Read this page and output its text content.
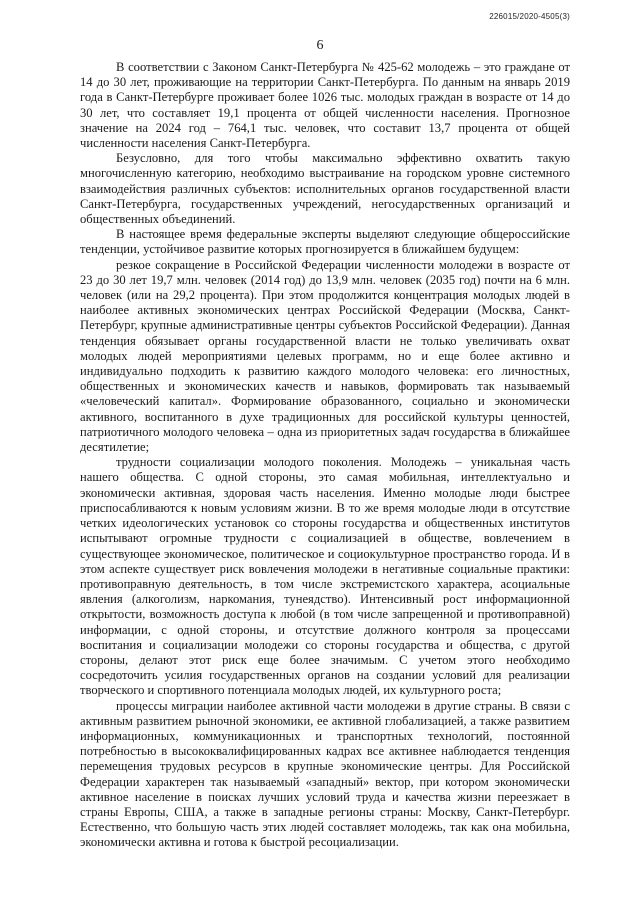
226015/2020-4505(3)
6

В соответствии с Законом Санкт-Петербурга № 425-62 молодежь – это граждане от 14 до 30 лет, проживающие на территории Санкт-Петербурга. По данным на январь 2019 года в Санкт-Петербурге проживает более 1026 тыс. молодых граждан в возрасте от 14 до 30 лет, что составляет 19,1 процента от общей численности населения. Прогнозное значение на 2024 год – 764,1 тыс. человек, что составит 13,7 процента от общей численности населения Санкт-Петербурга.

Безусловно, для того чтобы максимально эффективно охватить такую многочисленную категорию, необходимо выстраивание на городском уровне системного взаимодействия различных субъектов: исполнительных органов государственной власти Санкт-Петербурга, государственных учреждений, негосударственных организаций и общественных объединений.

В настоящее время федеральные эксперты выделяют следующие общероссийские тенденции, устойчивое развитие которых прогнозируется в ближайшем будущем:

резкое сокращение в Российской Федерации численности молодежи в возрасте от 23 до 30 лет 19,7 млн. человек (2014 год) до 13,9 млн. человек (2035 год) почти на 6 млн. человек (или на 29,2 процента). При этом продолжится концентрация молодых людей в наиболее активных экономических центрах Российской Федерации (Москва, Санкт-Петербург, крупные административные центры субъектов Российской Федерации). Данная тенденция обязывает органы государственной власти не только увеличивать охват молодых людей мероприятиями целевых программ, но и еще более активно и индивидуально подходить к развитию каждого молодого человека: его личностных, общественных и экономических качеств и навыков, формировать так называемый «человеческий капитал». Формирование образованного, социально и экономически активного, воспитанного в духе традиционных для российской культуры ценностей, патриотичного молодого человека – одна из приоритетных задач государства в ближайшее десятилетие;

трудности социализации молодого поколения. Молодежь – уникальная часть нашего общества. С одной стороны, это самая мобильная, интеллектуально и экономически активная, здоровая часть населения. Именно молодые люди быстрее приспосабливаются к новым условиям жизни. В то же время молодые люди в отсутствие четких идеологических установок со стороны государства и общественных институтов испытывают огромные трудности с социализацией в обществе, вовлечением в существующее экономическое, политическое и социокультурное пространство города. И в этом аспекте существует риск вовлечения молодежи в негативные социальные практики: противоправную деятельность, в том числе экстремистского характера, асоциальные явления (алкоголизм, наркомания, тунеядство). Интенсивный рост информационной открытости, возможность доступа к любой (в том числе запрещенной и противоправной) информации, с одной стороны, и отсутствие должного контроля за процессами воспитания и социализации молодежи со стороны государства и общества, с другой стороны, делают этот риск еще более значимым. С учетом этого необходимо сосредоточить усилия государственных органов на создании условий для реализации творческого и спортивного потенциала молодых людей, их культурного роста;

процессы миграции наиболее активной части молодежи в другие страны. В связи с активным развитием рыночной экономики, ее активной глобализацией, а также развитием информационных, коммуникационных и транспортных технологий, постоянной потребностью в высококвалифицированных кадрах все активнее наблюдается тенденция перемещения трудовых ресурсов в крупные экономические центры. Для Российской Федерации характерен так называемый «западный» вектор, при котором экономически активное население в поисках лучших условий труда и качества жизни переезжает в страны Европы, США, а также в западные регионы страны: Москву, Санкт-Петербург. Естественно, что большую часть этих людей составляет молодежь, так как она мобильна, экономически активна и готова к быстрой ресоциализации.
